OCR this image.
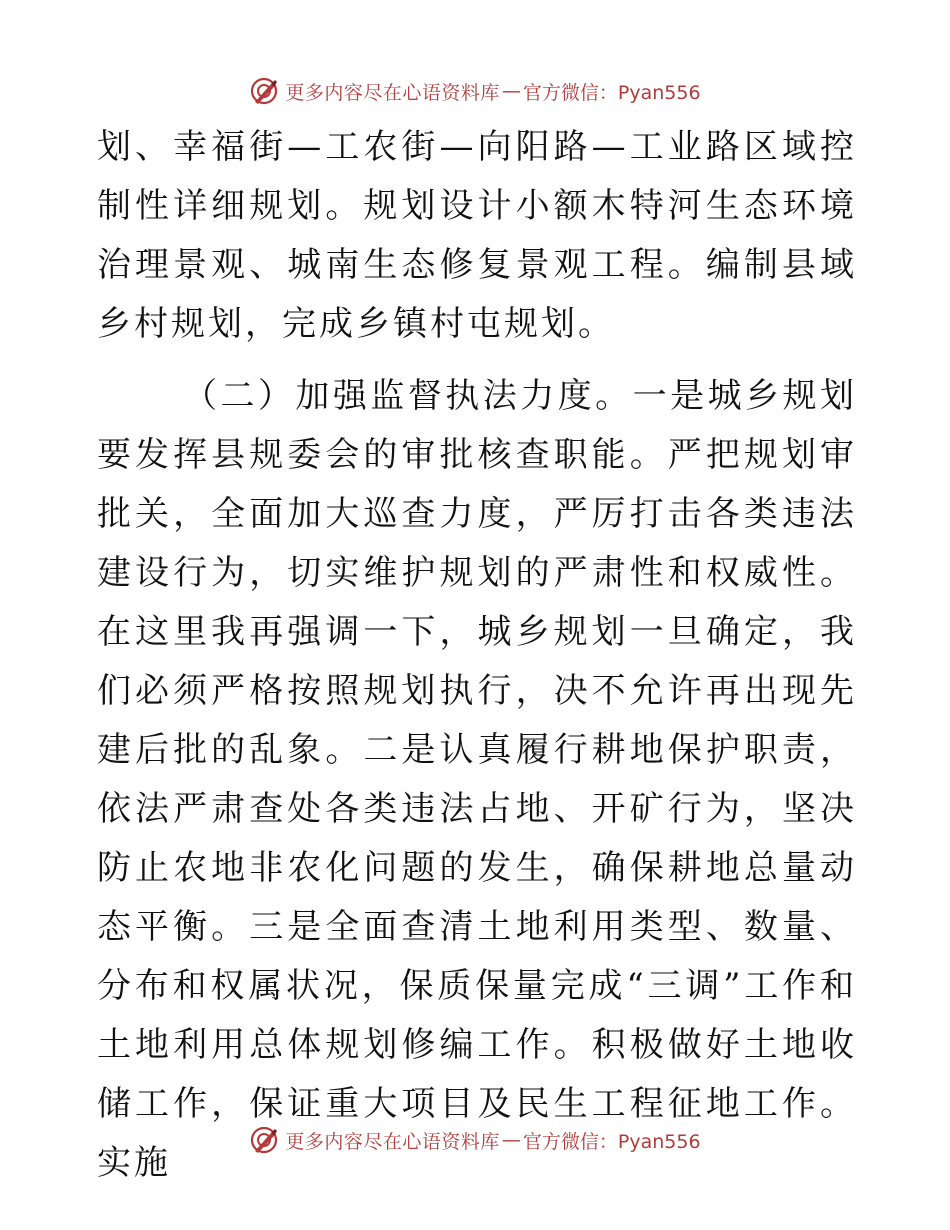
更多内容尽在心语资料库 — 官方微信：Pyan556

划、幸福街—工农街—向阳路—工业路区域控制性详细规划。规划设计小额木特河生态环境治理景观、城南生态修复景观工程。编制县域乡村规划，完成乡镇村屯规划。

（二）加强监督执法力度。一是城乡规划要发挥县规委会的审批核查职能。严把规划审批关，全面加大巡查力度，严厉打击各类违法建设行为，切实维护规划的严肃性和权威性。在这里我再强调一下，城乡规划一旦确定，我们必须严格按照规划执行，决不允许再出现先建后批的乱象。二是认真履行耕地保护职责，依法严肃查处各类违法占地、开矿行为，坚决防止农地非农化问题的发生，确保耕地总量动态平衡。三是全面查清土地利用类型、数量、分布和权属状况，保质保量完成“三调”工作和土地利用总体规划修编工作。积极做好土地收储工作，保证重大项目及民生工程征地工作。实施

更多内容尽在心语资料库 — 官方微信：Pyan556
